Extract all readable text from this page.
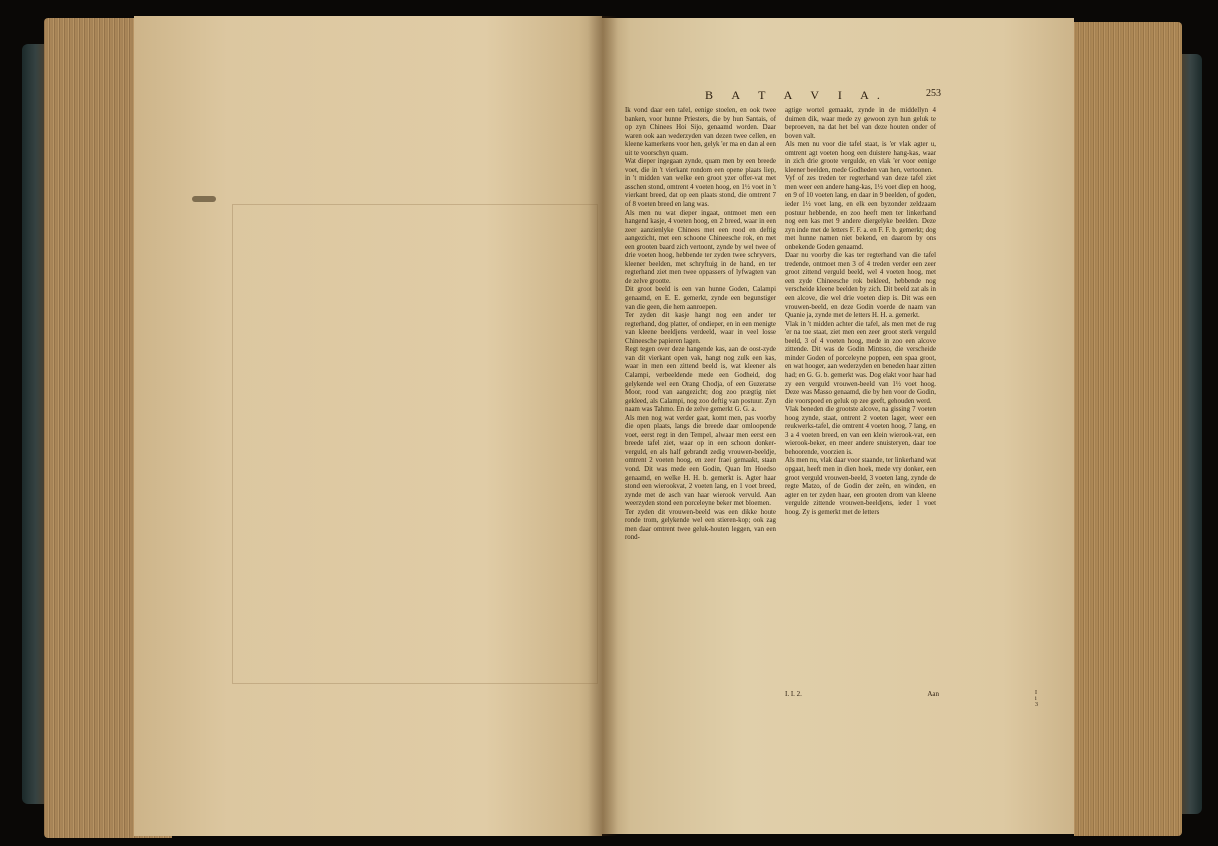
B A T A V I A.	253
Ik vond daar een tafel, eenige stoelen, en ook twee banken, voor hunne Priesters, die by hun Santais, of op zyn Chinees Hoi Sijo, genaamd worden. Daar waren ook aan wederzyden van dezen twee cellen, en kleene kamerkens voor hen, gelyk 'er ma en dan al een uit te voorschyn quam.
Wat dieper ingegaan zynde, quam men by een breede voet, die in 't vierkant rondom een opene plaats liep, in 't midden van welke een groot yzer offer-vat met asschen stond, omtrent 4 voeten hoog, en 1½ voet in 't vierkant breed, dat op een plaats stond, die omtrent 7 of 8 voeten breed en lang was.
Als men nu wat dieper ingaat, ontmoet men een hangend kasje, 4 voeten hoog, en 2 breed, waar in een zeer aanzienlyke Chinees met een rood en deftig aangezicht, met een schoone Chineesche rok, en met een grooten baard zich vertoont, zynde by wel twee of drie voeten hoog, hebbende ter zyden twee schryvers, kleener beelden, met schryftuig in de hand, en ter regterhand ziet men twee oppassers of lyfwagten van de zelve grootte.
Dit groot beeld is een van hunne Goden, Calampi genaamd, en E. E. gemerkt, zynde een begunstiger van die geen, die hem aanroepen.
Ter zyden dit kasje hangt nog een ander ter regterhand, dog platter, of ondieper, en in een menigte van kleene beeldjens verdeeld, waar in veel losse Chineesche papieren lagen.
Regt tegen over deze hangende kas, aan de oost-zyde van dit vierkant open vak, hangt nog zulk een kas, waar in men een zittend beeld is, wat kleener als Calampi, verbeeldende mede een Godheid, dog gelykende wel een Orang Chodja, of een Guzeratse Moor, rood van aangezicht; dog zoo prægtig niet gekleed, als Calampi, nog zoo deftig van postuur. Zyn naam was Tahmo. En de zelve gemerkt G. G. a.
Als men nog wat verder gaat, komt men, pas voorby die open plaats, langs die breede daar omloopende voet, eerst regt in den Tempel, alwaar men eerst een breede tafel ziet, waar op in een schoon donker-verguld, en als half gebrandt zedig vrouwen-beeldje, omtrent 2 voeten hoog, en zeer fraei gemaakt, staan vond. Dit was mede een Godin, Quan Im Hoedso genaamd, en welke H. H. b. gemerkt is. Agter haar stond een wierookvat, 2 voeten lang, en 1 voet breed, zynde met de asch van haar wierook vervuld. Aan weerzyden stond een porceleyne beker met bloemen.
Ter zyden dit vrouwen-beeld was een dikke houte ronde trom, gelykende wel een stieren-kop; ook zag men daar omtrent twee geluk-houten leggen, van een rond-
agtige wortel gemaakt, zynde in de middellyn 4 duimen dik, waar mede zy gewoon zyn hun geluk te beproeven, na dat het bel van deze houten onder of boven valt.
Als men nu voor die tafel staat, is 'er vlak agter u, omtrent agt voeten hoog een duistere hang-kas, waar in zich drie groote vergulde, en vlak 'er voor eenige kleener beelden, mede Godheden van hen, vertoonen.
Vyf of zes treden ter regterhand van deze tafel ziet men weer een andere hang-kas, 1½ voet diep en hoog, en 9 of 10 voeten lang, en daar in 9 beelden, of goden, ieder 1½ voet lang, en elk een byzonder zeldzaam postuur hebbende, en zoo heeft men ter linkerhand nog een kas met 9 andere diergelyke beelden. Deze zyn inde met de letters F. F. a. en F. F. b. gemerkt; dog met hunne namen niet bekend, en daarom by ons onbekende Goden genaamd.
Daar nu voorby die kas ter regterhand van die tafel tredende, ontmoet men 3 of 4 treden verder een zeer groot zittend verguld beeld, wel 4 voeten hoog, met een zyde Chineesche rok bekleed, hebbende nog verscheide kleene beelden by zich. Dit beeld zat als in een alcove, die wel drie voeten diep is. Dit was een vrouwen-beeld, en deze Godin voerde de naam van Quanie ja, zynde met de letters H. H. a. gemerkt.
Vlak in 't midden achter die tafel, als men met de rug 'er na toe staat, ziet men een zeer groot sterk verguld beeld, 3 of 4 voeten hoog, mede in zoo een alcove zittende. Dit was de Godin Mintsso, die verscheide minder Goden of porceleyne poppen, een spaa groot, en wat hooger, aan wederzyden en beneden haar zitten had; en G. G. b. gemerkt was. Dog elakt voor haar had zy een verguld vrouwen-beeld van 1½ voet hoog. Deze was Masso genaamd, die by hen voor de Godin, die voorspoed en geluk op zee geeft, gehouden werd.
Vlak beneden die grootste alcove, na gissing 7 voeten hoog zynde, staat, ontrent 2 voeten lager, weer een reukwerks-tafel, die omtrent 4 voeten hoog, 7 lang, en 3 a 4 voeten breed, en van een klein wierook-vat, een wierook-beker, en meer andere snuisteryen, daar toe behoorende, voorzien is.
Als men nu, vlak daar voor staande, ter linkerhand wat opgaat, heeft men in dien hoek, mede vry donker, een groot verguld vrouwen-beeld, 3 voeten lang, zynde de regte Matzo, of de Godin der zeën, en winden, en agter en ter zyden haar, een grooten drom van kleene vergulde zittende vrouwen-beeldjens, ieder 1 voet hoog. Zy is gemerkt met de letters
I. I. 2.	I i 3
Aan
